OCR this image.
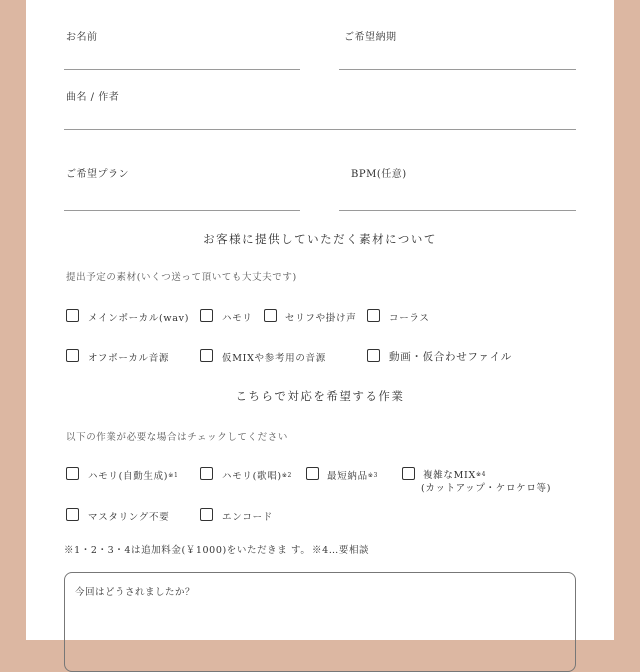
お名前	ご希望納期
曲名 / 作者
ご希望プラン	BPM(任意)
お客様に提供していただく素材について
提出予定の素材(いくつ送って頂いても大丈夫です)
メインボーカル(wav)	ハモリ	セリフや掛け声	コーラス
オフボーカル音源	仮MIXや参考用の音源	動画・仮合わせファイル
こちらで対応を希望する作業
以下の作業が必要な場合はチェックしてください
ハモリ(自動生成)$^{※1}$	ハモリ(歌唱)$^{※2}$	最短納品$^{※3}$	複雑なMIX$^{※4}$
(カットアップ・ケロケロ等)
マスタリング不要	エンコード
※1・2・3・4は追加料金(￥1000)をいただきま す。 ※4…要相談
今回はどうされましたか？
